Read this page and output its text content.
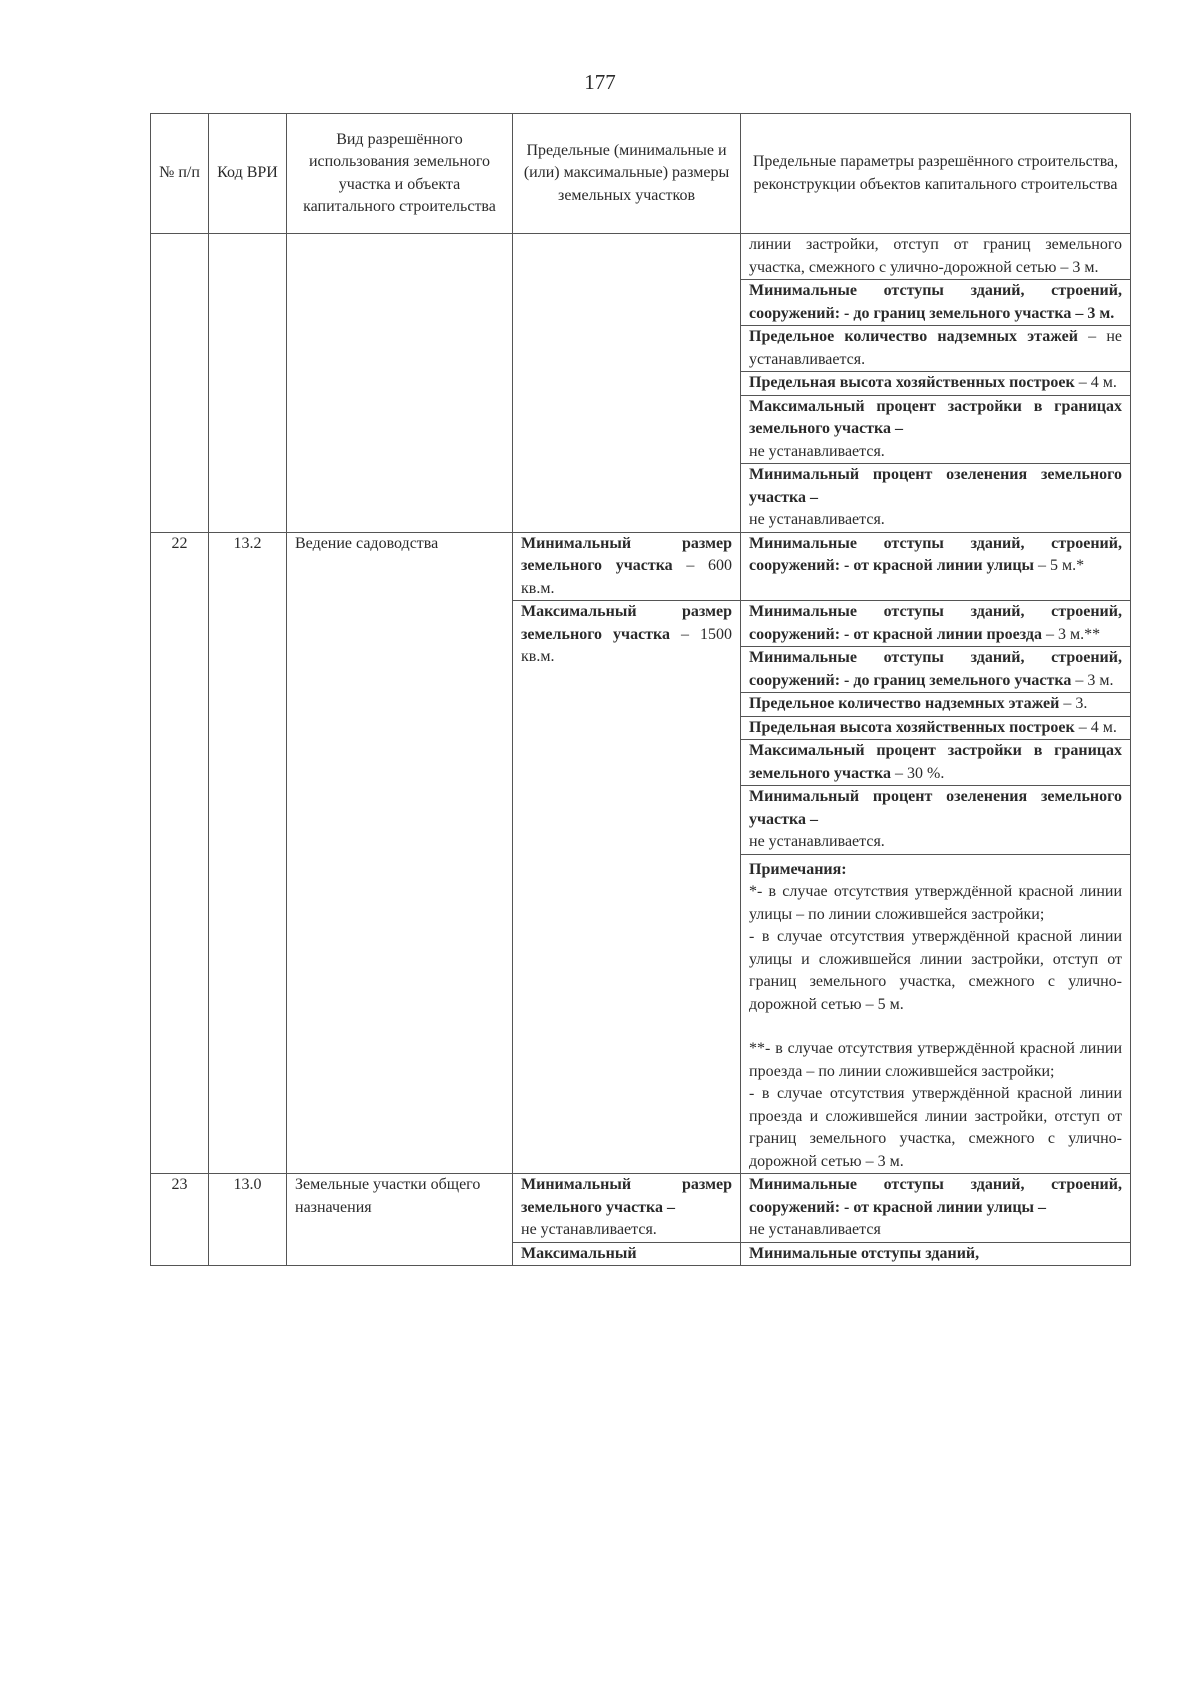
177
№ п/п	Код ВРИ	Вид разрешённого использования земельного участка и объекта капитального строительства	Предельные (минимальные и (или) максимальные) размеры земельных участков	Предельные параметры разрешённого строительства, реконструкции объектов капитального строительства
				линии застройки, отступ от границ земельного участка, смежного с улично-дорожной сетью – 3 м.
				Минимальные отступы зданий, строений, сооружений: - до границ земельного участка – 3 м.
				Предельное количество надземных этажей – не устанавливается.
				Предельная высота хозяйственных построек – 4 м.
				Максимальный процент застройки в границах земельного участка –
не устанавливается.
				Минимальный процент озеленения земельного участка –
не устанавливается.
22	13.2	Ведение садоводства	Минимальный размер земельного участка – 600 кв.м.	Минимальные отступы зданий, строений, сооружений: - от красной линии улицы – 5 м.*
			Максимальный размер земельного участка – 1500 кв.м.	Минимальные отступы зданий, строений, сооружений: - от красной линии проезда – 3 м.**
				Минимальные отступы зданий, строений, сооружений: - до границ земельного участка – 3 м.
				Предельное количество надземных этажей – 3.
				Предельная высота хозяйственных построек – 4 м.
				Максимальный процент застройки в границах земельного участка – 30 %.
				Минимальный процент озеленения земельного участка –
не устанавливается.
				Примечания:
*- в случае отсутствия утверждённой красной линии улицы – по линии сложившейся застройки;
- в случае отсутствия утверждённой красной линии улицы и сложившейся линии застройки, отступ от границ земельного участка, смежного с улично-дорожной сетью – 5 м.
**- в случае отсутствия утверждённой красной линии проезда – по линии сложившейся застройки;
- в случае отсутствия утверждённой красной линии проезда и сложившейся линии застройки, отступ от границ земельного участка, смежного с улично-дорожной сетью – 3 м.
23	13.0	Земельные участки общего назначения	Минимальный размер земельного участка –
не устанавливается.	Минимальные отступы зданий, строений, сооружений: - от красной линии улицы –
не устанавливается
			Максимальный	Минимальные отступы зданий,
